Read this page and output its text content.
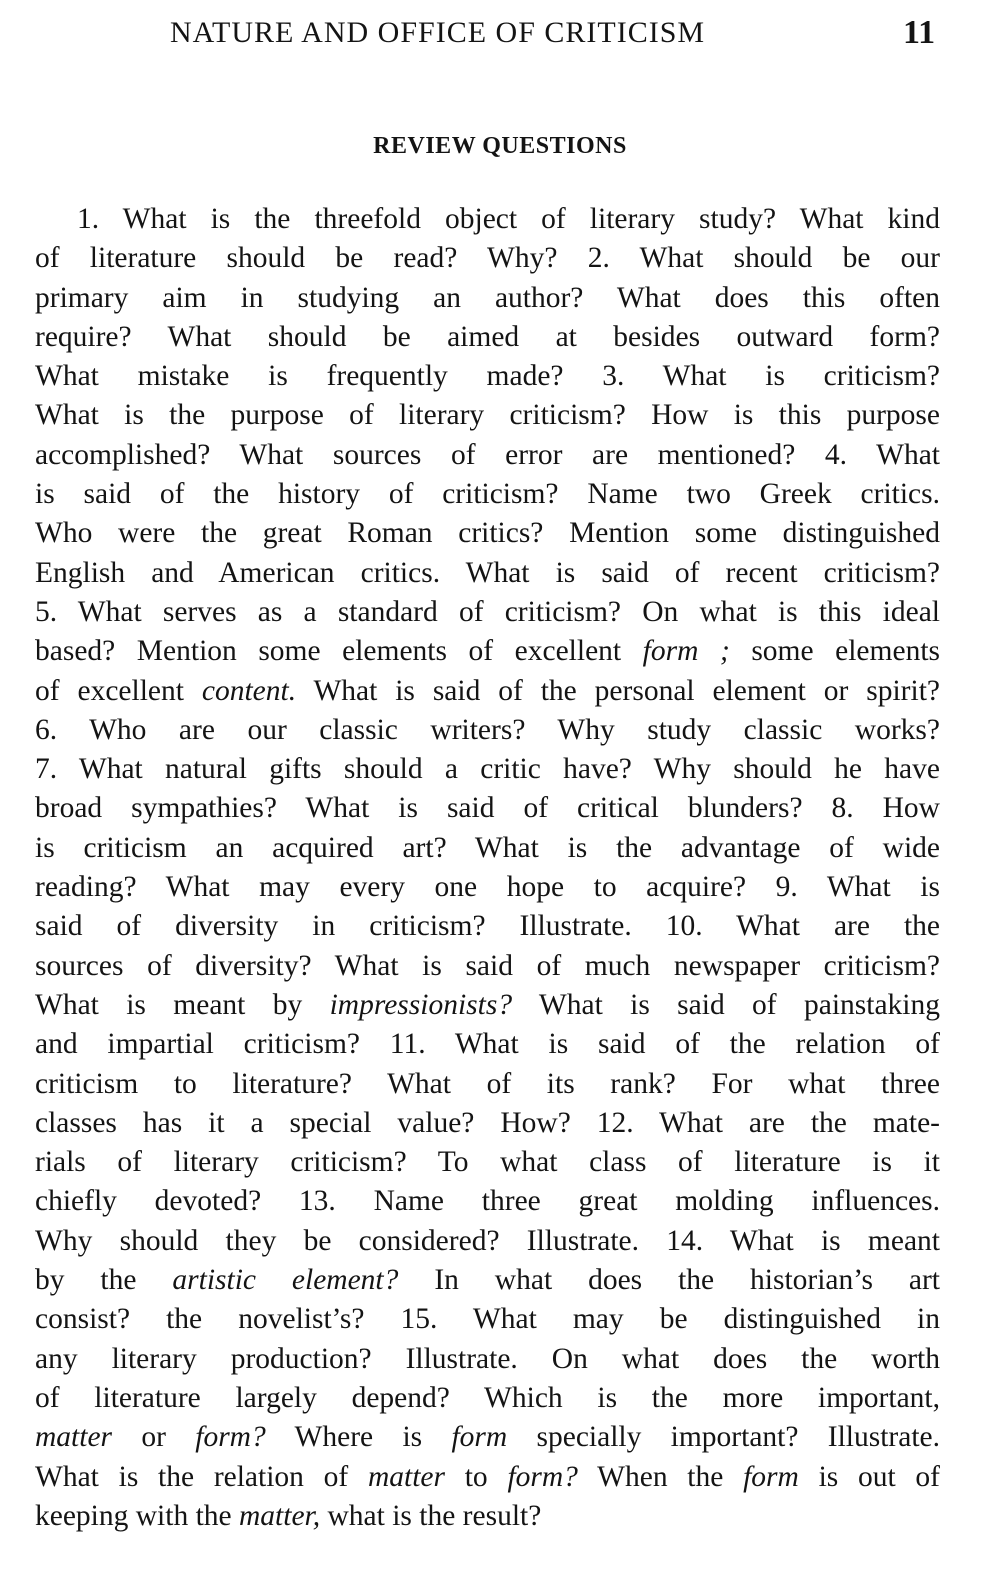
NATURE AND OFFICE OF CRITICISM	11
REVIEW QUESTIONS
1. What is the threefold object of literary study? What kind
of literature should be read? Why? 2. What should be our
primary aim in studying an author? What does this often
require? What should be aimed at besides outward form?
What mistake is frequently made? 3. What is criticism?
What is the purpose of literary criticism? How is this purpose
accomplished? What sources of error are mentioned? 4. What
is said of the history of criticism? Name two Greek critics.
Who were the great Roman critics? Mention some distinguished
English and American critics. What is said of recent criticism?
5. What serves as a standard of criticism? On what is this ideal
based? Mention some elements of excellent form ; some elements
of excellent content. What is said of the personal element or spirit?
6. Who are our classic writers? Why study classic works?
7. What natural gifts should a critic have? Why should he have
broad sympathies? What is said of critical blunders? 8. How
is criticism an acquired art? What is the advantage of wide
reading? What may every one hope to acquire? 9. What is
said of diversity in criticism? Illustrate. 10. What are the
sources of diversity? What is said of much newspaper criticism?
What is meant by impressionists? What is said of painstaking
and impartial criticism? 11. What is said of the relation of
criticism to literature? What of its rank? For what three
classes has it a special value? How? 12. What are the mate-
rials of literary criticism? To what class of literature is it
chiefly devoted? 13. Name three great molding influences.
Why should they be considered? Illustrate. 14. What is meant
by the artistic element? In what does the historian’s art
consist? the novelist’s? 15. What may be distinguished in
any literary production? Illustrate. On what does the worth
of literature largely depend? Which is the more important,
matter or form? Where is form specially important? Illustrate.
What is the relation of matter to form? When the form is out of
keeping with the matter, what is the result?
